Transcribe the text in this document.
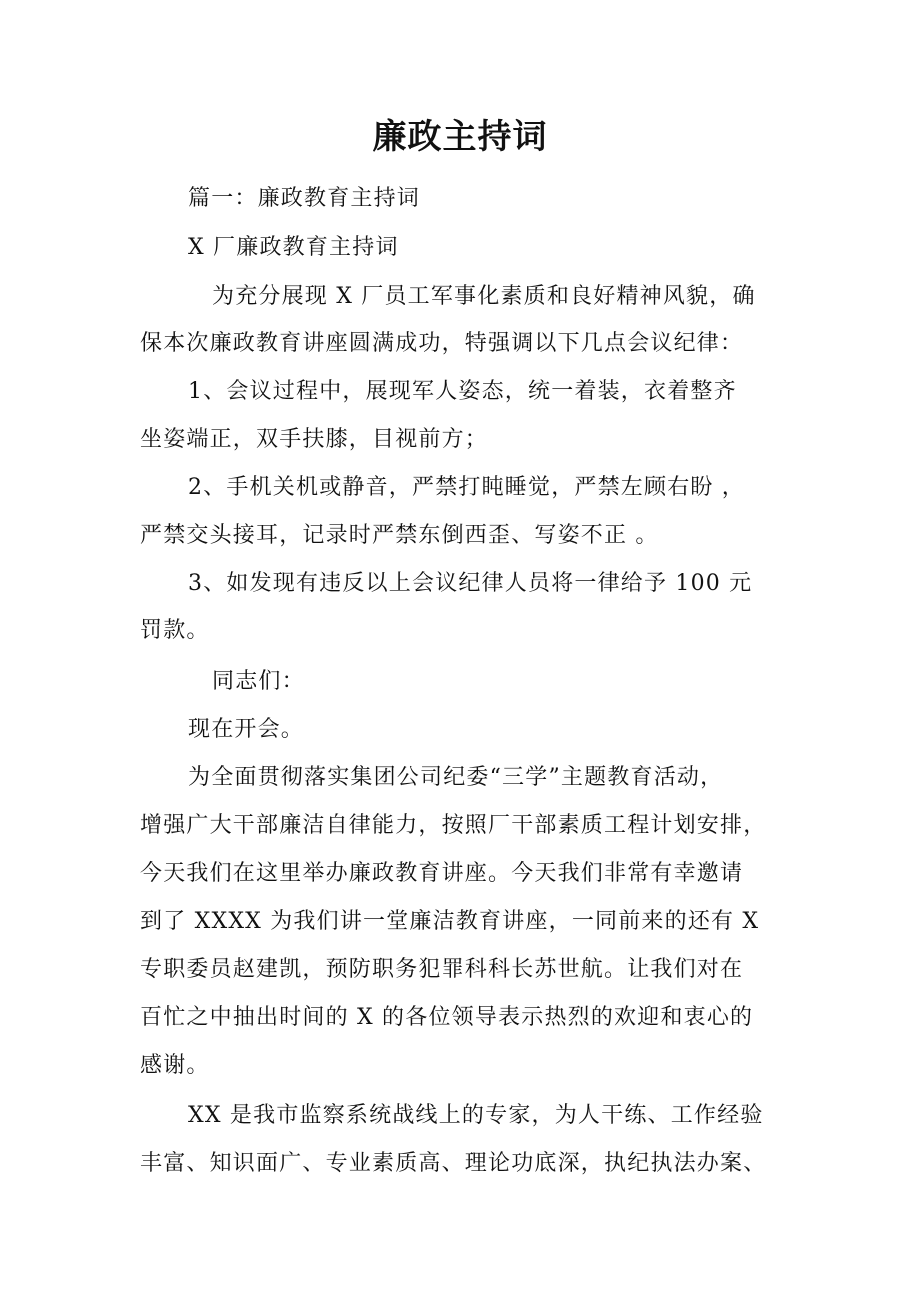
廉政主持词
篇一：廉政教育主持词
X 厂廉政教育主持词
为充分展现 X 厂员工军事化素质和良好精神风貌，确
保本次廉政教育讲座圆满成功，特强调以下几点会议纪律：
1、会议过程中，展现军人姿态，统一着装，衣着整齐
坐姿端正，双手扶膝，目视前方；
2、手机关机或静音，严禁打盹睡觉，严禁左顾右盼 ，
严禁交头接耳，记录时严禁东倒西歪、写姿不正 。
3、如发现有违反以上会议纪律人员将一律给予 100 元
罚款。
同志们：
现在开会。
为全面贯彻落实集团公司纪委“三学”主题教育活动，
增强广大干部廉洁自律能力，按照厂干部素质工程计划安排，
今天我们在这里举办廉政教育讲座。今天我们非常有幸邀请
到了 XXXX 为我们讲一堂廉洁教育讲座，一同前来的还有 X
专职委员赵建凯，预防职务犯罪科科长苏世航。让我们对在
百忙之中抽出时间的 X 的各位领导表示热烈的欢迎和衷心的
感谢。
XX 是我市监察系统战线上的专家，为人干练、工作经验
丰富、知识面广、专业素质高、理论功底深，执纪执法办案、
